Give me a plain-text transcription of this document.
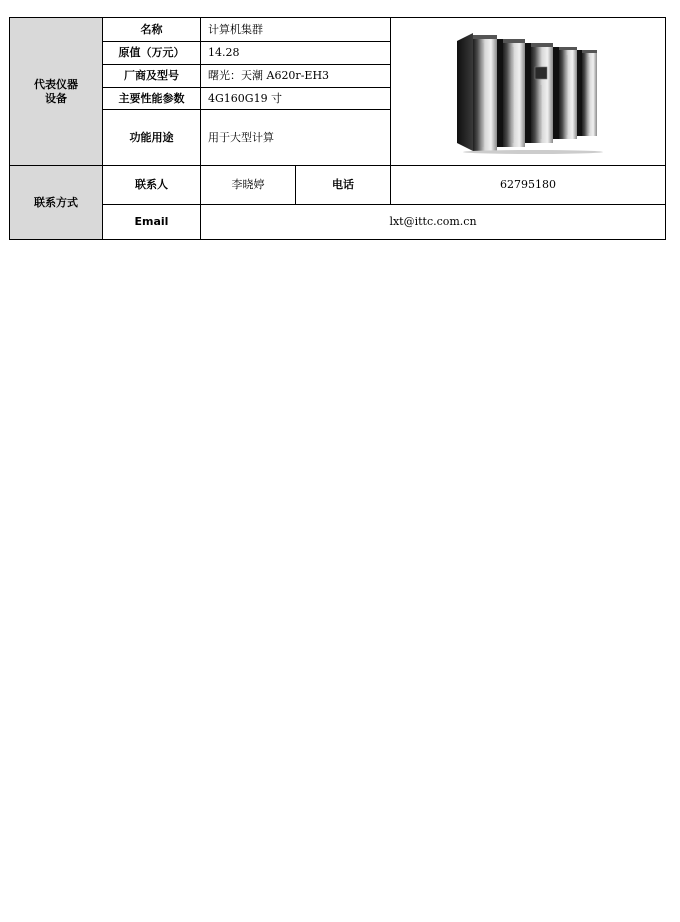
代表仪器
设备	名称	计算机集群	

	原值（万元）	14.28		
	厂商及型号	曙光：天潮 A620r-EH3		
	主要性能参数	4G160G19 寸		
	功能用途	用于大型计算		
联系方式	联系人	李晓婷	电话	62795180
	Email	lxt@ittc.com.cn		
